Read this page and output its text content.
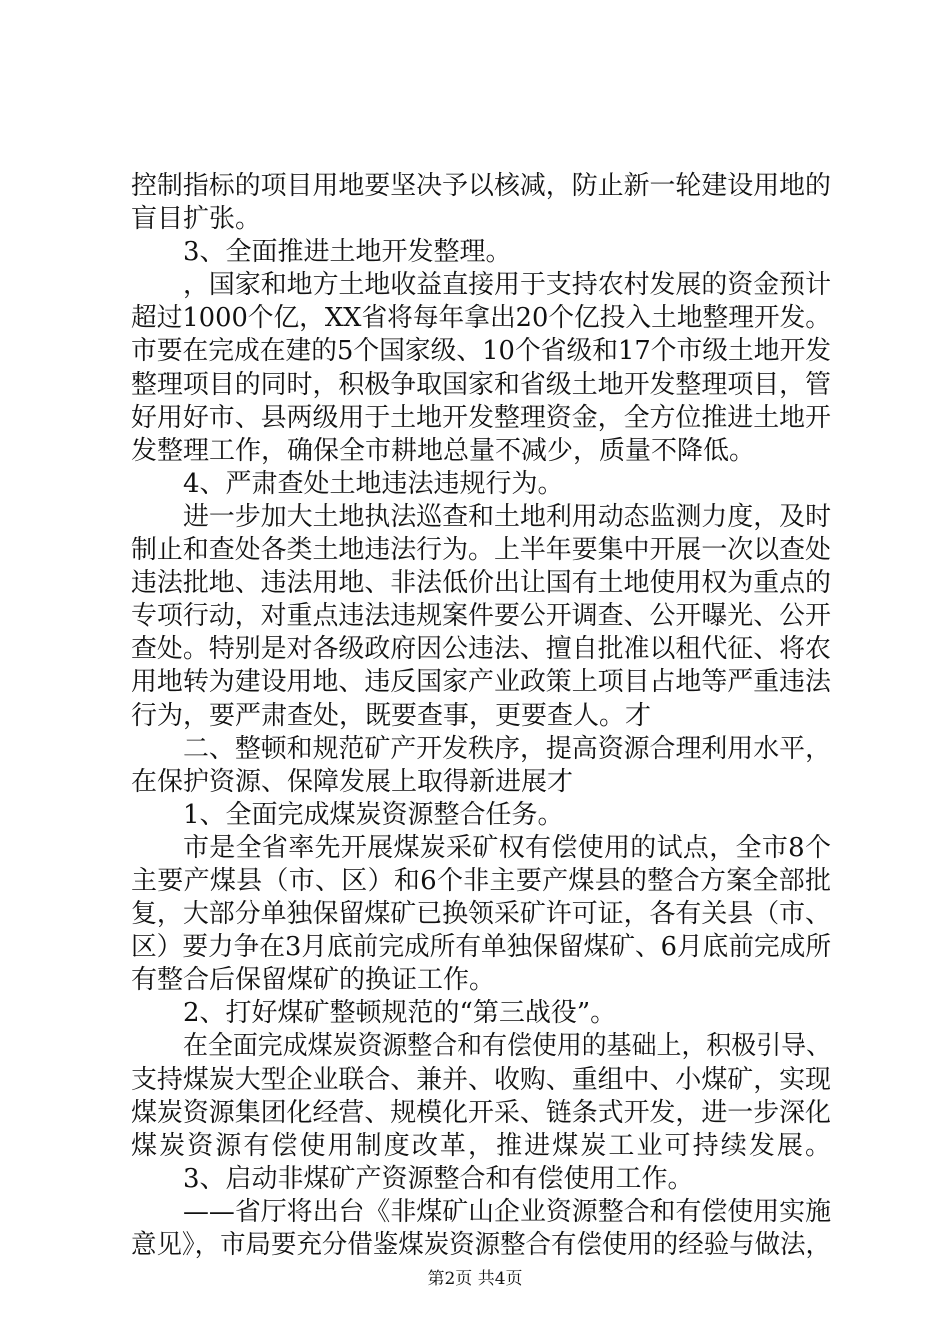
控制指标的项目用地要坚决予以核减，防止新一轮建设用地的
盲目扩张。
3、全面推进土地开发整理。
，国家和地方土地收益直接用于支持农村发展的资金预计
超过1000个亿，XX省将每年拿出20个亿投入土地整理开发。
市要在完成在建的5个国家级、10个省级和17个市级土地开发
整理项目的同时，积极争取国家和省级土地开发整理项目，管
好用好市、县两级用于土地开发整理资金，全方位推进土地开
发整理工作，确保全市耕地总量不减少，质量不降低。
4、严肃查处土地违法违规行为。
进一步加大土地执法巡查和土地利用动态监测力度，及时
制止和查处各类土地违法行为。上半年要集中开展一次以查处
违法批地、违法用地、非法低价出让国有土地使用权为重点的
专项行动，对重点违法违规案件要公开调查、公开曝光、公开
查处。特别是对各级政府因公违法、擅自批准以租代征、将农
用地转为建设用地、违反国家产业政策上项目占地等严重违法
行为，要严肃查处，既要查事，更要查人。才
二、整顿和规范矿产开发秩序，提高资源合理利用水平，
在保护资源、保障发展上取得新进展才
1、全面完成煤炭资源整合任务。
市是全省率先开展煤炭采矿权有偿使用的试点，全市8个
主要产煤县（市、区）和6个非主要产煤县的整合方案全部批
复，大部分单独保留煤矿已换领采矿许可证，各有关县（市、
区）要力争在3月底前完成所有单独保留煤矿、6月底前完成所
有整合后保留煤矿的换证工作。
2、打好煤矿整顿规范的“第三战役”。
在全面完成煤炭资源整合和有偿使用的基础上，积极引导、
支持煤炭大型企业联合、兼并、收购、重组中、小煤矿，实现
煤炭资源集团化经营、规模化开采、链条式开发，进一步深化
煤炭资源有偿使用制度改革，推进煤炭工业可持续发展。
3、启动非煤矿产资源整合和有偿使用工作。
——省厅将出台《非煤矿山企业资源整合和有偿使用实施
意见》，市局要充分借鉴煤炭资源整合有偿使用的经验与做法，
第2页 共4页
